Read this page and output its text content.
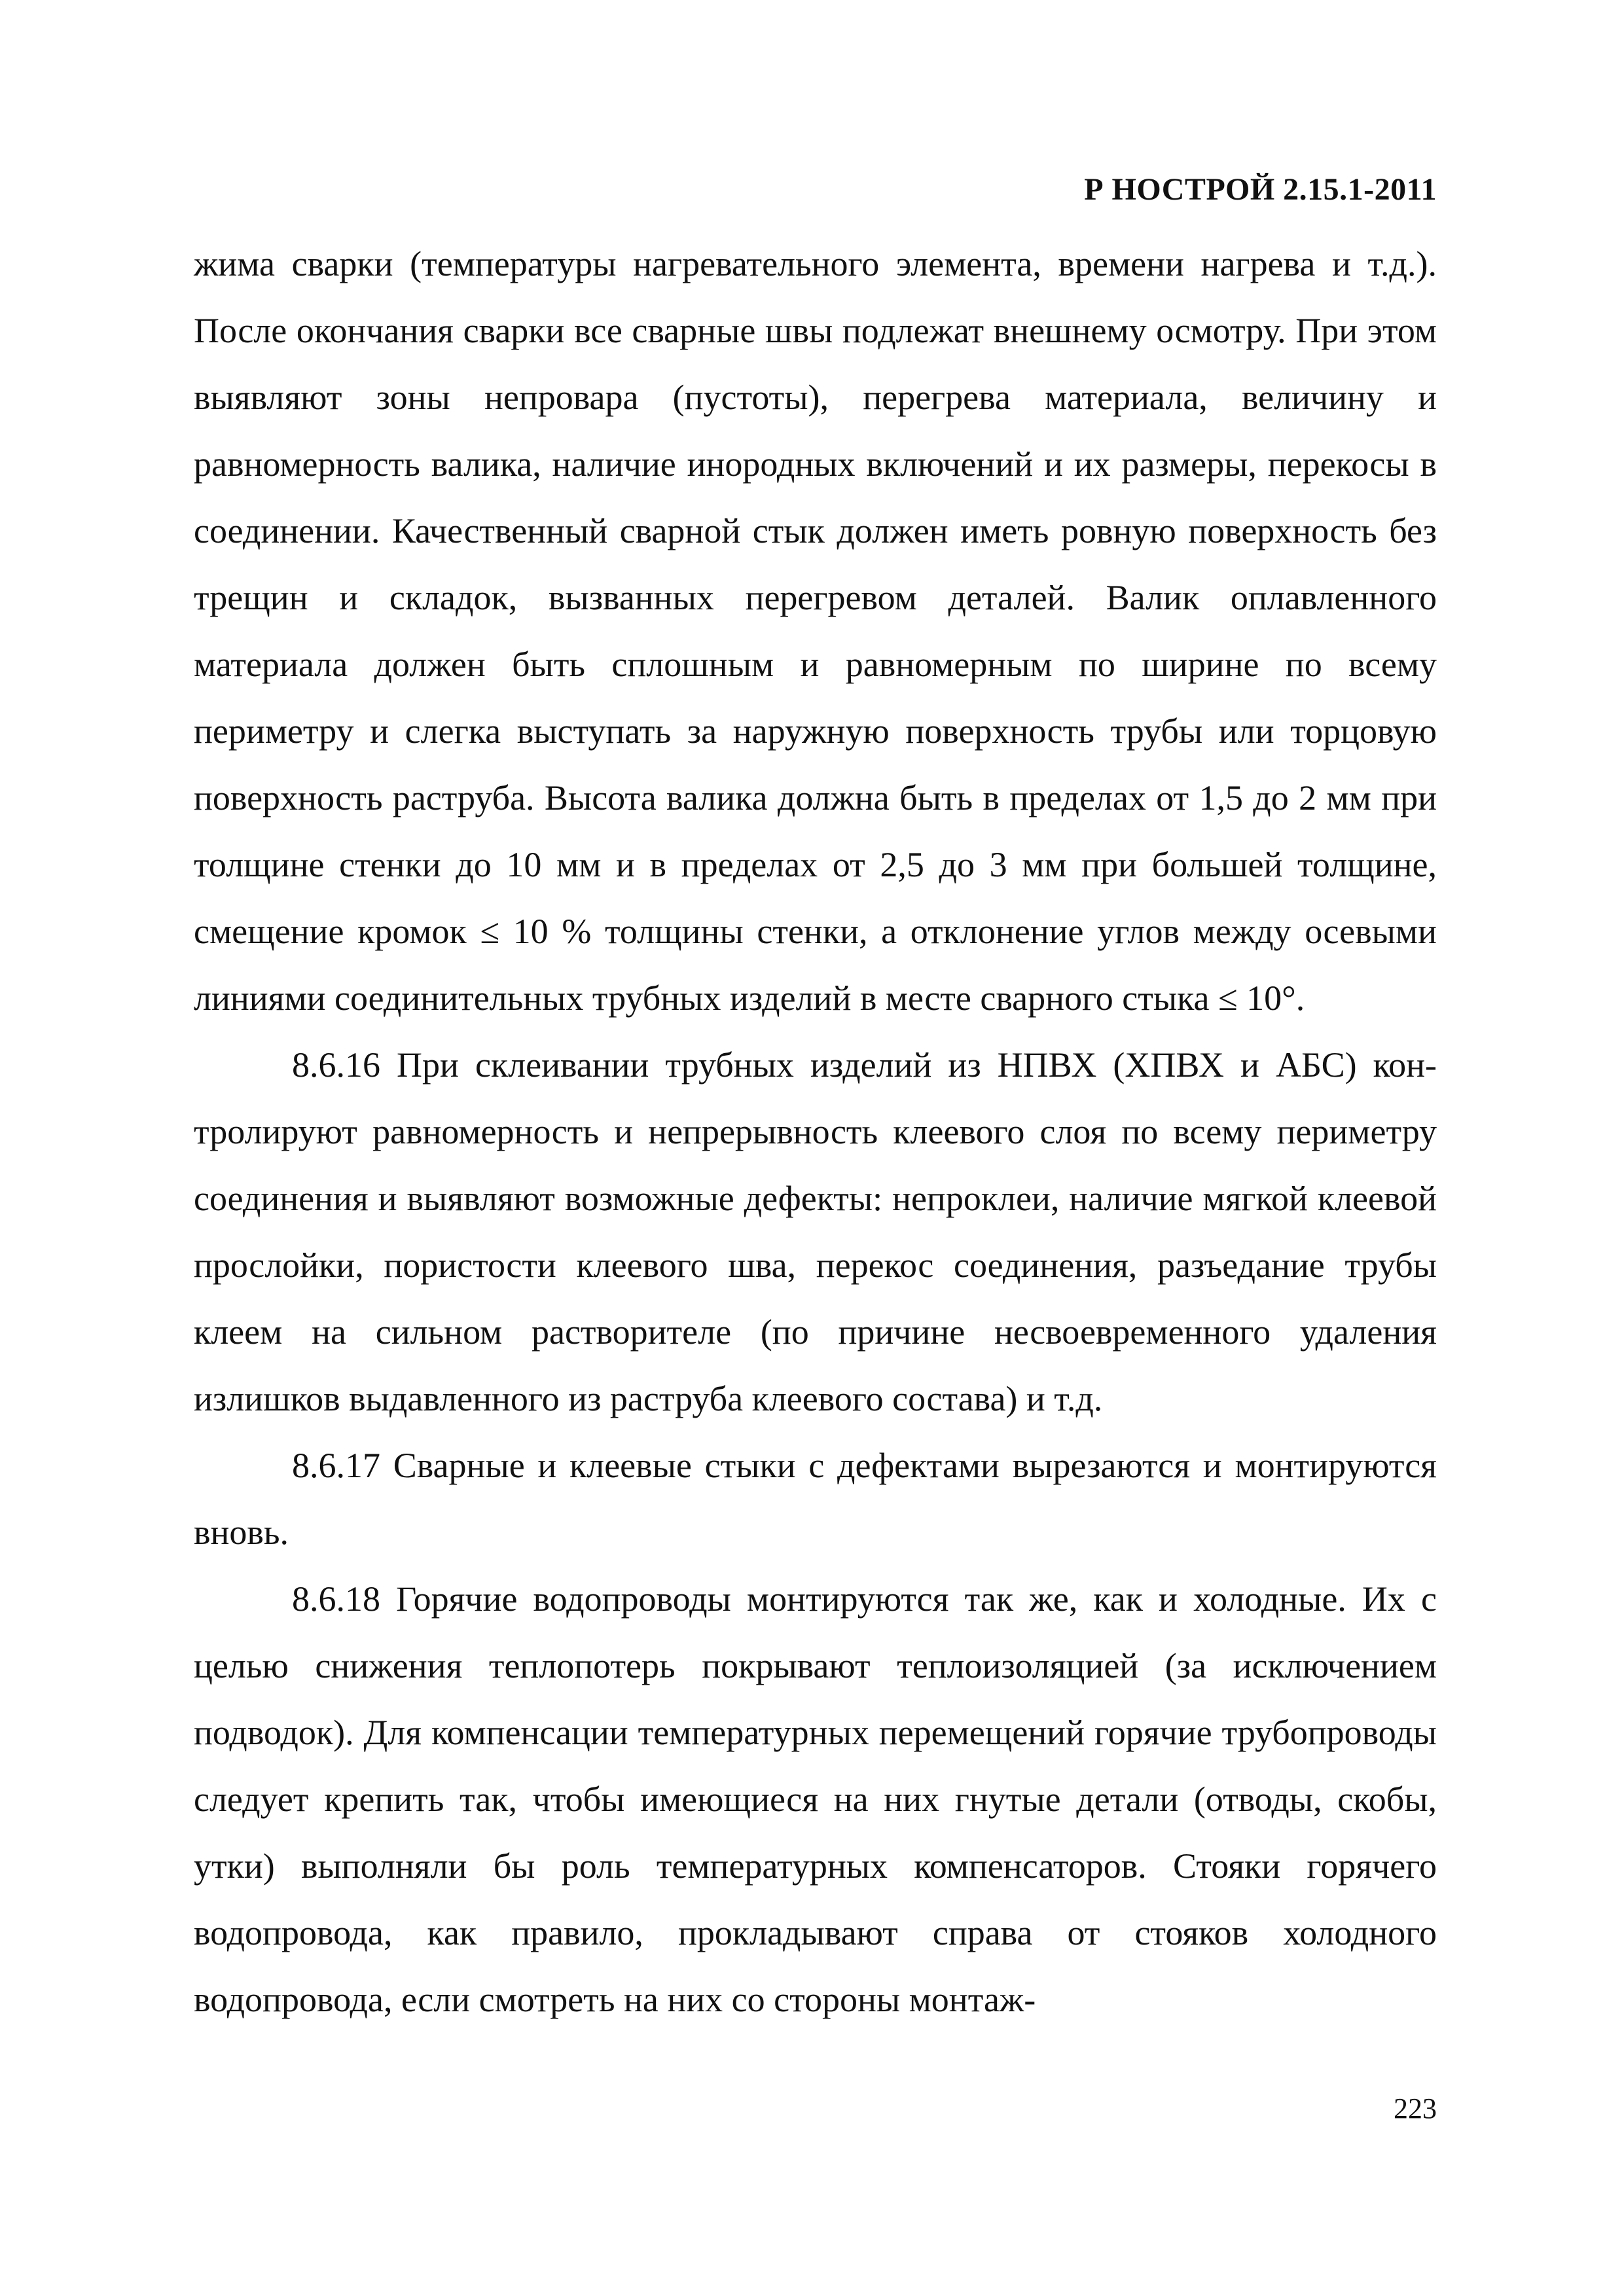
Р НОСТРОЙ 2.15.1-2011

жима сварки (температуры нагревательного элемента, времени нагрева и т.д.). После окончания сварки все сварные швы подлежат внешнему осмотру. При этом выявляют зоны непровара (пустоты), перегрева материала, величину и равномерность валика, наличие инородных включений и их размеры, перекосы в соединении. Качественный сварной стык должен иметь ровную поверхность без трещин и складок, вызванных перегревом деталей. Валик оплавленного материала должен быть сплошным и равномерным по ширине по всему периметру и слегка выступать за наружную поверхность трубы или торцовую поверхность раструба. Высота валика должна быть в пределах от 1,5 до 2 мм при толщине стенки до 10 мм и в пределах от 2,5 до 3 мм при большей толщине, смещение кромок ≤ 10 % толщины стенки, а отклонение углов между осевыми линиями соединительных трубных изделий в месте сварного стыка ≤ 10°.

8.6.16 При склеивании трубных изделий из НПВХ (ХПВХ и АБС) контролируют равномерность и непрерывность клеевого слоя по всему периметру соединения и выявляют возможные дефекты: непроклеи, наличие мягкой клеевой прослойки, пористости клеевого шва, перекос соединения, разъедание трубы клеем на сильном растворителе (по причине несвоевременного удаления излишков выдавленного из раструба клеевого состава) и т.д.

8.6.17 Сварные и клеевые стыки с дефектами вырезаются и монтируются вновь.

8.6.18 Горячие водопроводы монтируются так же, как и холодные. Их с целью снижения теплопотерь покрывают теплоизоляцией (за исключением подводок). Для компенсации температурных перемещений горячие трубопроводы следует крепить так, чтобы имеющиеся на них гнутые детали (отводы, скобы, утки) выполняли бы роль температурных компенсаторов. Стояки горячего водопровода, как правило, прокладывают справа от стояков холодного водопровода, если смотреть на них со стороны монтаж-

223
